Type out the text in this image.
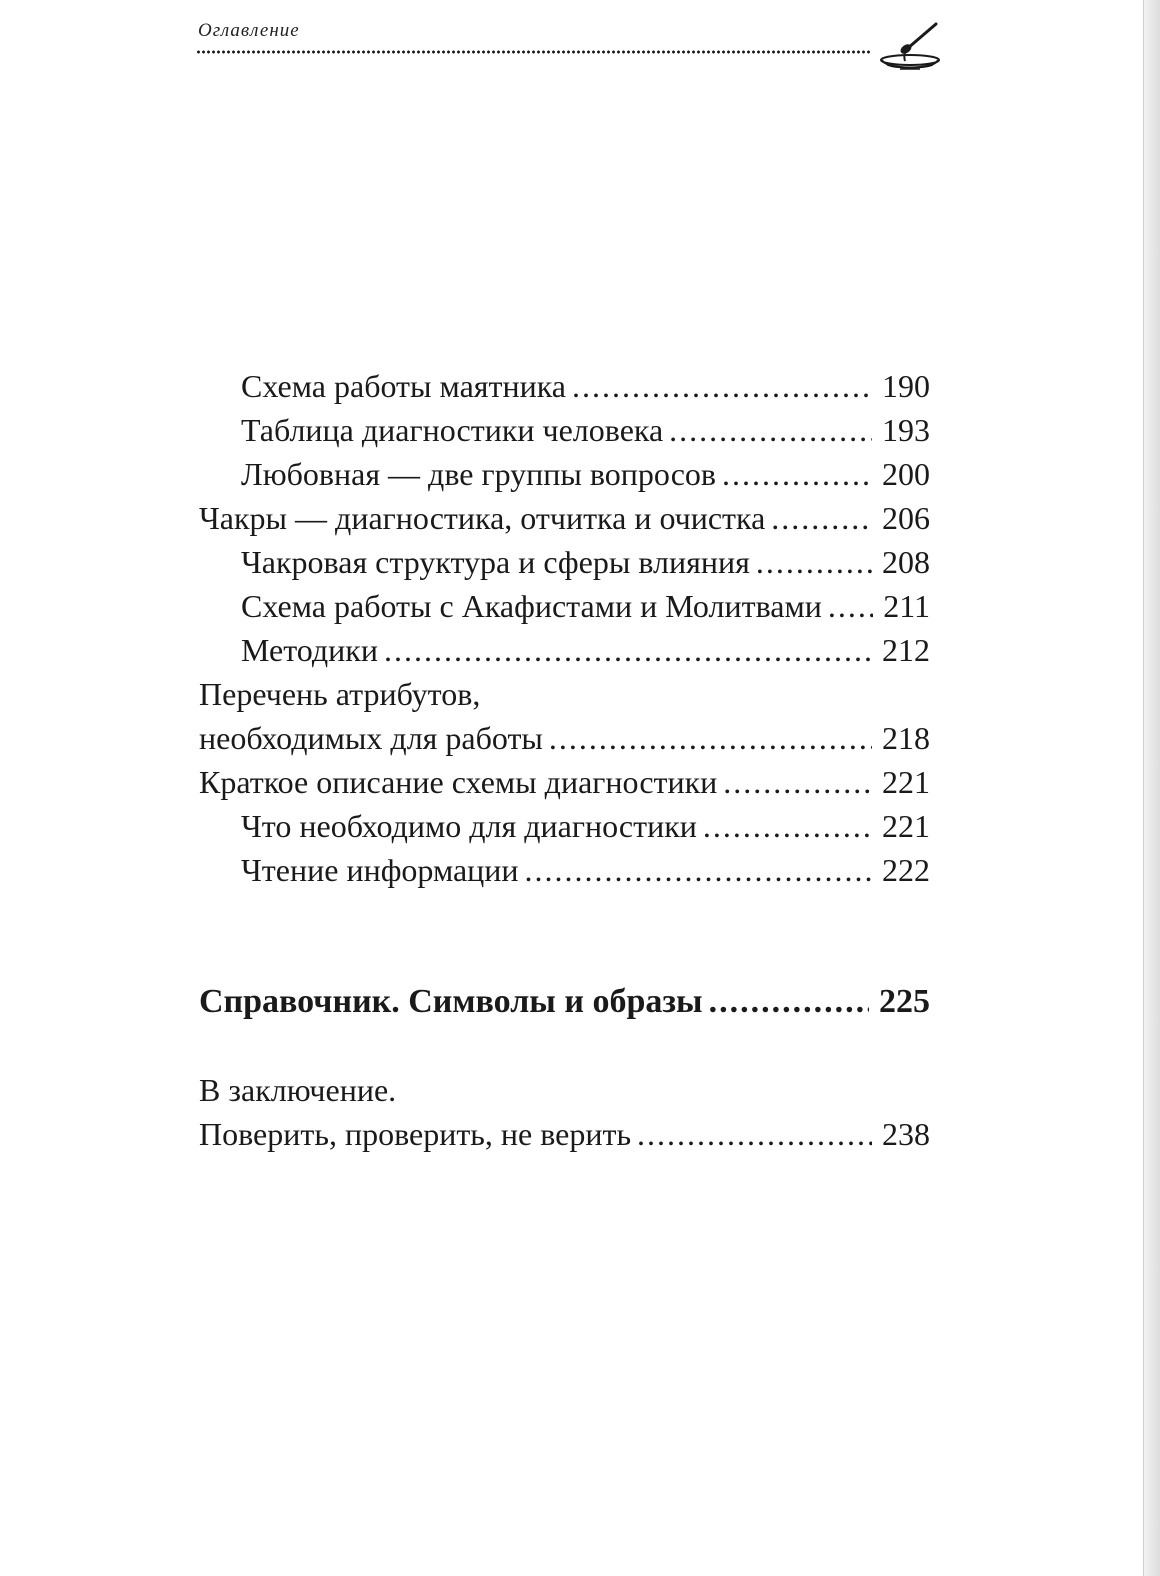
Оглавление
Схема работы маятника .....	190
Таблица диагностики человека .....	193
Любовная — две группы вопросов .....	200
Чакры — диагностика, отчитка и очистка .....	206
Чакровая структура и сферы влияния .....	208
Схема работы с Акафистами и Молитвами ..... 211
Методики .....	212
Перечень атрибутов,
необходимых для работы .....	218
Краткое описание схемы диагностики .....	221
Что необходимо для диагностики .....	221
Чтение информации .....	222
Справочник. Символы и образы .....	225
В заключение.
Поверить, проверить, не верить .....	238
